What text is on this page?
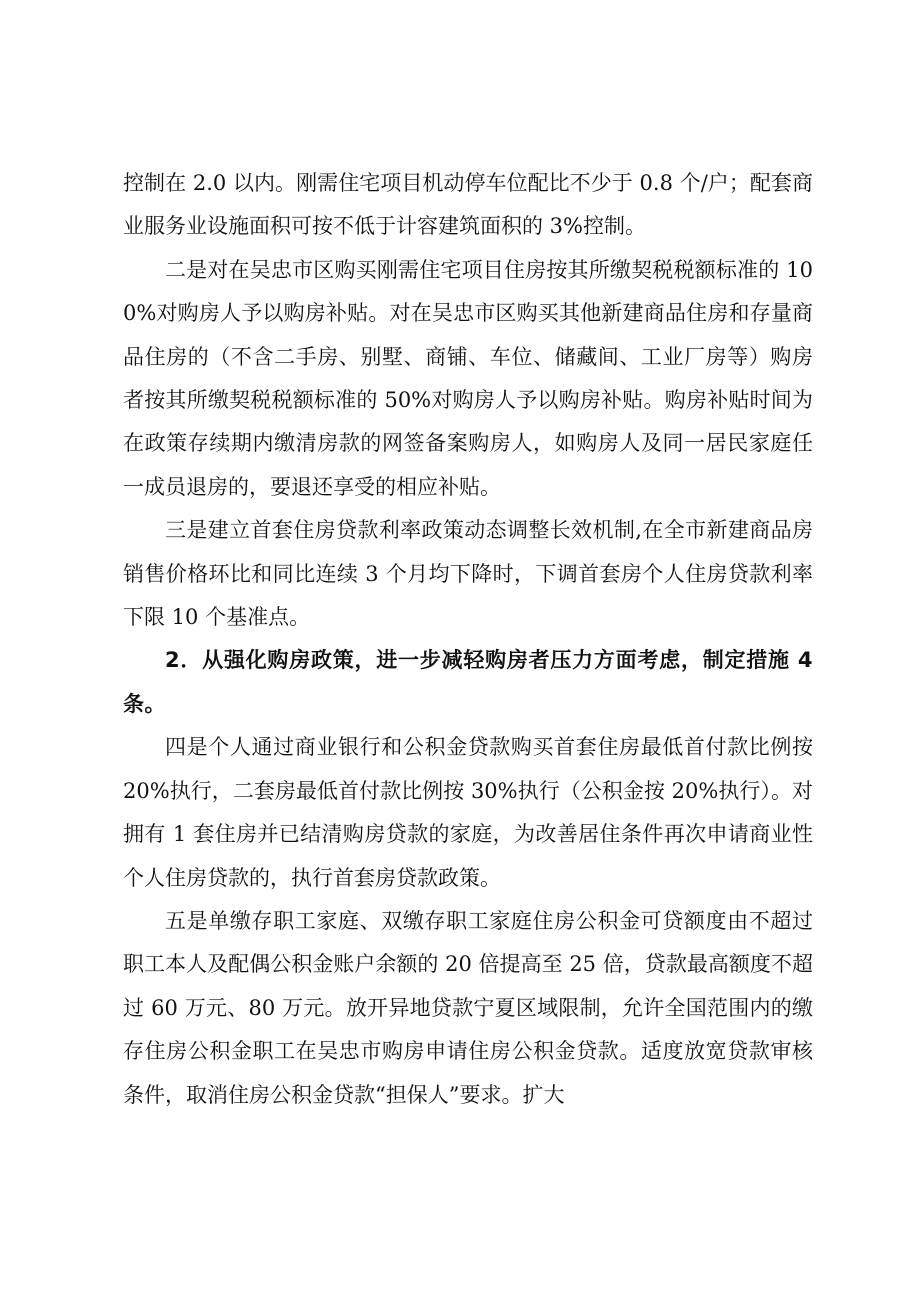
控制在 2.0 以内。刚需住宅项目机动停车位配比不少于 0.8 个/户；配套商业服务业设施面积可按不低于计容建筑面积的 3%控制。

二是对在吴忠市区购买刚需住宅项目住房按其所缴契税税额标准的 100%对购房人予以购房补贴。对在吴忠市区购买其他新建商品住房和存量商品住房的（不含二手房、别墅、商铺、车位、储藏间、工业厂房等）购房者按其所缴契税税额标准的 50%对购房人予以购房补贴。购房补贴时间为在政策存续期内缴清房款的网签备案购房人，如购房人及同一居民家庭任一成员退房的，要退还享受的相应补贴。

三是建立首套住房贷款利率政策动态调整长效机制,在全市新建商品房销售价格环比和同比连续 3 个月均下降时，下调首套房个人住房贷款利率下限 10 个基准点。

2．从强化购房政策，进一步减轻购房者压力方面考虑，制定措施 4 条。

四是个人通过商业银行和公积金贷款购买首套住房最低首付款比例按 20%执行，二套房最低首付款比例按 30%执行（公积金按 20%执行）。对拥有 1 套住房并已结清购房贷款的家庭，为改善居住条件再次申请商业性个人住房贷款的，执行首套房贷款政策。

五是单缴存职工家庭、双缴存职工家庭住房公积金可贷额度由不超过职工本人及配偶公积金账户余额的 20 倍提高至 25 倍，贷款最高额度不超过 60 万元、80 万元。放开异地贷款宁夏区域限制，允许全国范围内的缴存住房公积金职工在吴忠市购房申请住房公积金贷款。适度放宽贷款审核条件，取消住房公积金贷款“担保人”要求。扩大
